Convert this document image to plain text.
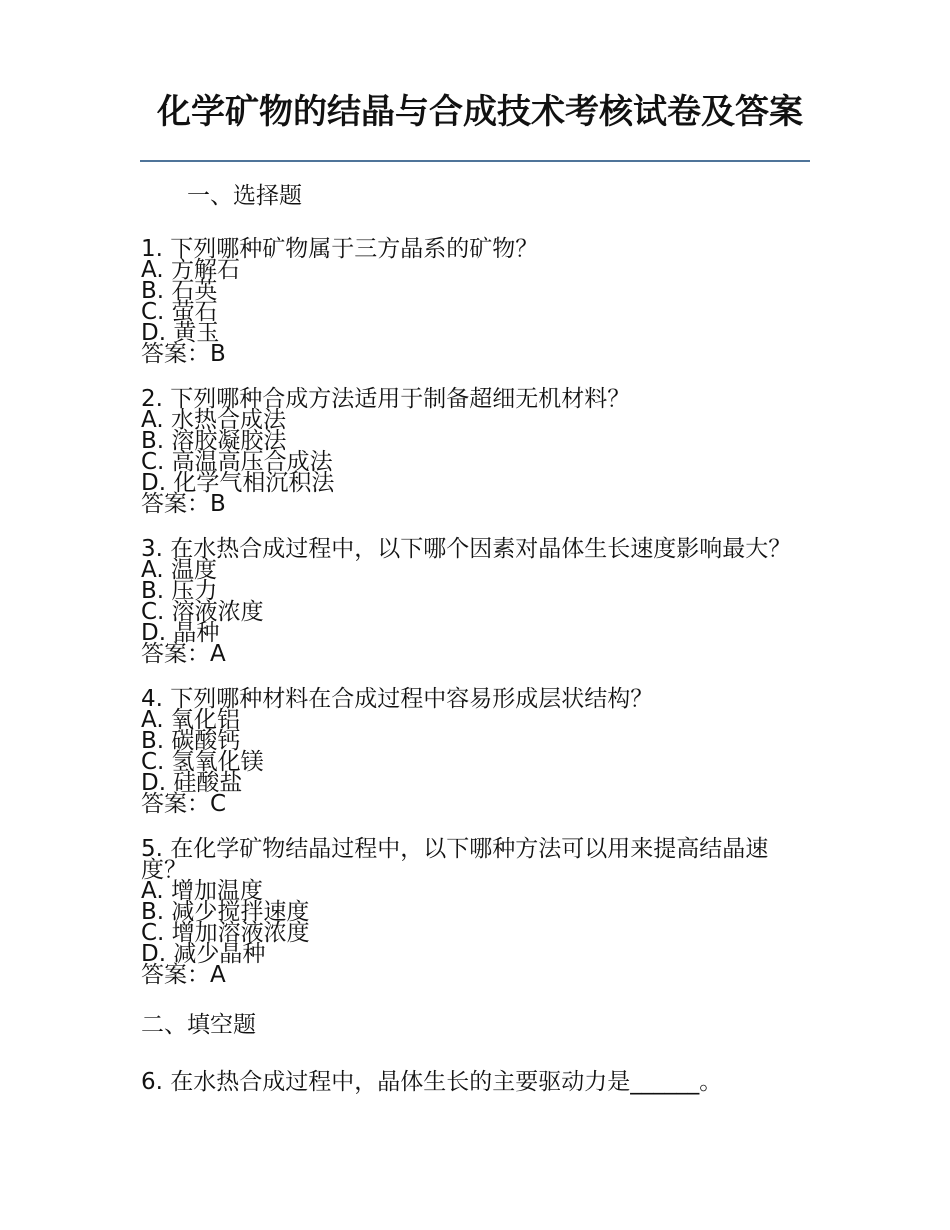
化学矿物的结晶与合成技术考核试卷及答案
一、选择题
1. 下列哪种矿物属于三方晶系的矿物？
A. 方解石
B. 石英
C. 萤石
D. 黄玉
答案：B
2. 下列哪种合成方法适用于制备超细无机材料？
A. 水热合成法
B. 溶胶凝胶法
C. 高温高压合成法
D. 化学气相沉积法
答案：B
3. 在水热合成过程中，以下哪个因素对晶体生长速度影响最大？
A. 温度
B. 压力
C. 溶液浓度
D. 晶种
答案：A
4. 下列哪种材料在合成过程中容易形成层状结构？
A. 氧化铝
B. 碳酸钙
C. 氢氧化镁
D. 硅酸盐
答案：C
5. 在化学矿物结晶过程中，以下哪种方法可以用来提高结晶速度？
A. 增加温度
B. 减少搅拌速度
C. 增加溶液浓度
D. 减少晶种
答案：A
二、填空题
6. 在水热合成过程中，晶体生长的主要驱动力是______。
